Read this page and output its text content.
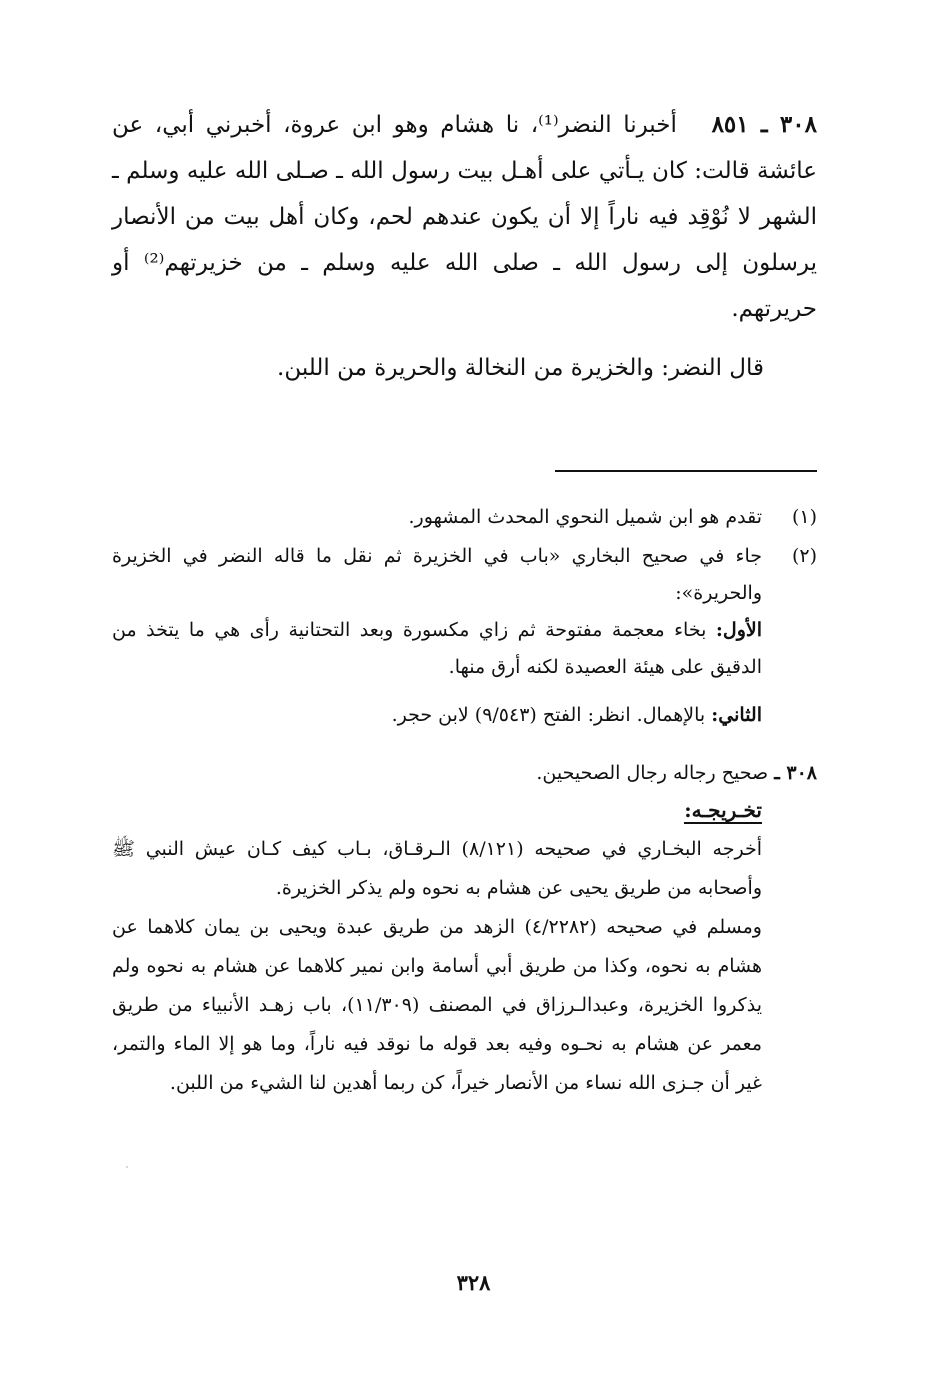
٣٠٨ ـ ٨٥١   أخبرنا النضر⁽¹⁾، نا هشام وهو ابن عروة، أخبرني أبي، عن عائشة قالت: كان يـأتي على أهـل بيت رسول الله ـ صـلى الله عليه وسلم ـ الشهر لا نُوْقِد فيه ناراً إلا أن يكون عندهم لحم، وكان أهل بيت من الأنصار يرسلون إلى رسول الله ـ صلى الله عليه وسلم ـ من خزيرتهم⁽²⁾ أو حريرتهم.

قال النضر: والخزيرة من النخالة والحريرة من اللبن.
(١)
تقدم هو ابن شميل النحوي المحدث المشهور.
(٢)
جاء في صحيح البخاري «باب في الخزيرة ثم نقل ما قاله النضر في الخزيرة والحريرة»:

الأول: بخاء معجمة مفتوحة ثم زاي مكسورة وبعد التحتانية رأى هي ما يتخذ من الدقيق على هيئة العصيدة لكنه أرق منها.

الثاني: بالإهمال. انظر: الفتح (٩/٥٤٣) لابن حجر.

٣٠٨ ـ صحيح رجاله رجال الصحيحين.
تخـريجـه:

أخرجه البخـاري في صحيحه (٨/١٢١) الـرقـاق، بـاب كيف كـان عيش النبي ﷺ وأصحابه من طريق يحيى عن هشام به نحوه ولم يذكر الخزيرة.

ومسلم في صحيحه (٤/٢٢٨٢) الزهد من طريق عبدة ويحيى بن يمان كلاهما عن هشام به نحوه، وكذا من طريق أبي أسامة وابن نمير كلاهما عن هشام به نحوه ولم يذكروا الخزيرة، وعبدالـرزاق في المصنف (١١/٣٠٩)، باب زهـد الأنبياء من طريق معمر عن هشام به نحـوه وفيه بعد قوله ما نوقد فيه ناراً، وما هو إلا الماء والتمر، غير أن جـزى الله نساء من الأنصار خيراً، كن ربما أهدين لنا الشيء من اللبن.

٣٢٨
